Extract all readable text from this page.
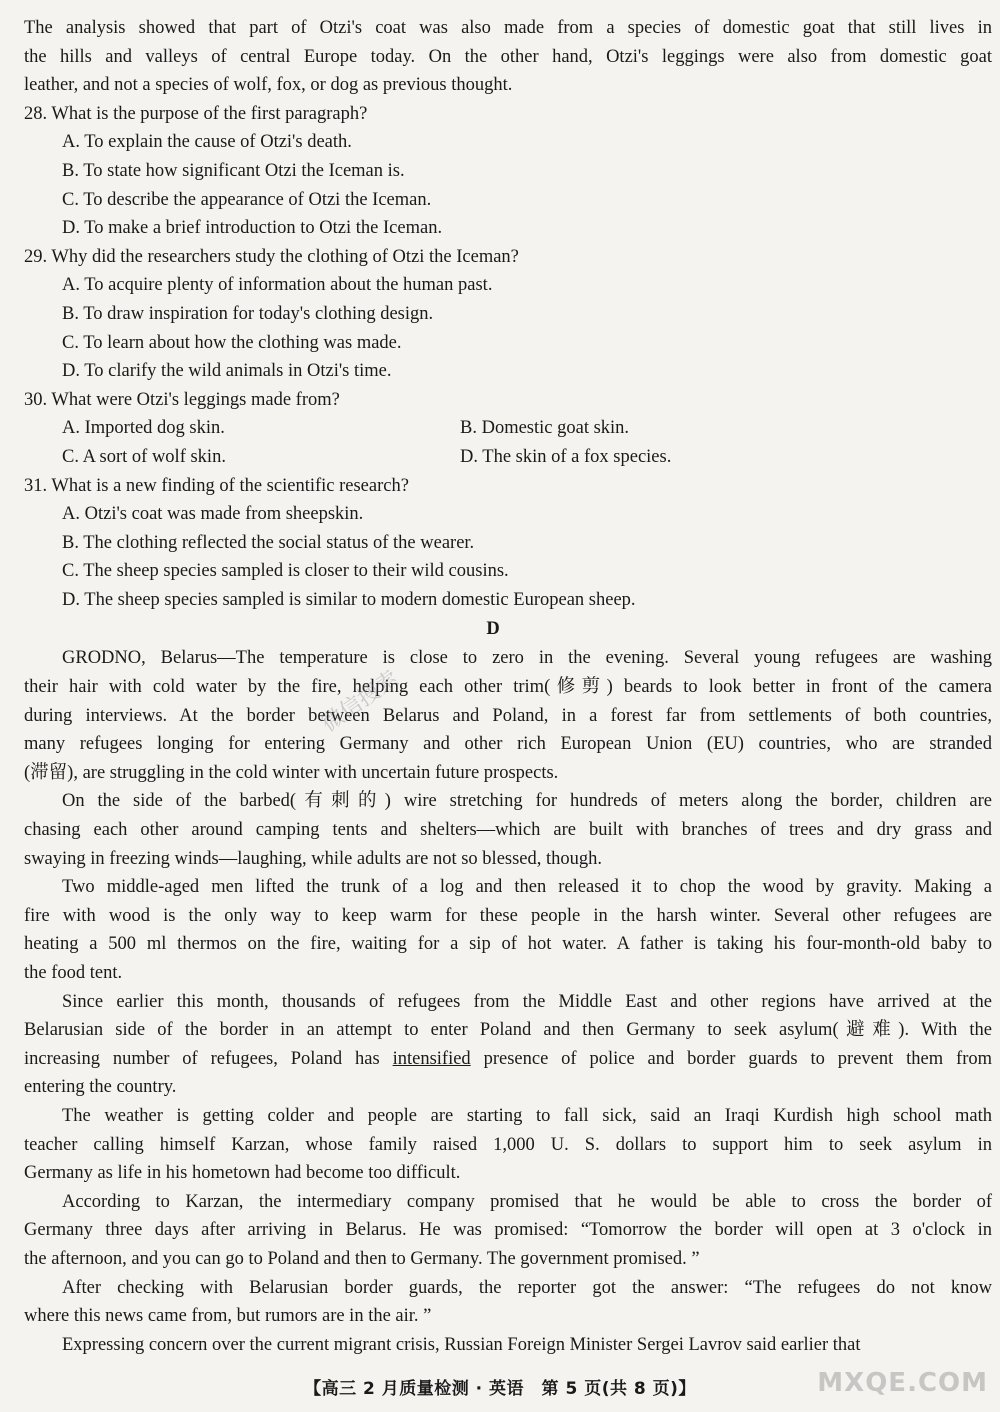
The analysis showed that part of Otzi's coat was also made from a species of domestic goat that still lives in
the hills and valleys of central Europe today. On the other hand, Otzi's leggings were also from domestic goat
leather, and not a species of wolf, fox, or dog as previous thought.
28. What is the purpose of the first paragraph?
A. To explain the cause of Otzi's death.
B. To state how significant Otzi the Iceman is.
C. To describe the appearance of Otzi the Iceman.
D. To make a brief introduction to Otzi the Iceman.
29. Why did the researchers study the clothing of Otzi the Iceman?
A. To acquire plenty of information about the human past.
B. To draw inspiration for today's clothing design.
C. To learn about how the clothing was made.
D. To clarify the wild animals in Otzi's time.
30. What were Otzi's leggings made from?
A. Imported dog skin.	B. Domestic goat skin.
C. A sort of wolf skin.	D. The skin of a fox species.
31. What is a new finding of the scientific research?
A. Otzi's coat was made from sheepskin.
B. The clothing reflected the social status of the wearer.
C. The sheep species sampled is closer to their wild cousins.
D. The sheep species sampled is similar to modern domestic European sheep.
D
GRODNO, Belarus—The temperature is close to zero in the evening. Several young refugees are washing
their hair with cold water by the fire, helping each other trim(修剪) beards to look better in front of the camera
during interviews. At the border between Belarus and Poland, in a forest far from settlements of both countries,
many refugees longing for entering Germany and other rich European Union (EU) countries, who are stranded
(滞留), are struggling in the cold winter with uncertain future prospects.
On the side of the barbed(有刺的) wire stretching for hundreds of meters along the border, children are
chasing each other around camping tents and shelters—which are built with branches of trees and dry grass and
swaying in freezing winds—laughing, while adults are not so blessed, though.
Two middle-aged men lifted the trunk of a log and then released it to chop the wood by gravity. Making a
fire with wood is the only way to keep warm for these people in the harsh winter. Several other refugees are
heating a 500 ml thermos on the fire, waiting for a sip of hot water. A father is taking his four-month-old baby to
the food tent.
Since earlier this month, thousands of refugees from the Middle East and other regions have arrived at the
Belarusian side of the border in an attempt to enter Poland and then Germany to seek asylum(避难). With the
increasing number of refugees, Poland has intensified presence of police and border guards to prevent them from
entering the country.
The weather is getting colder and people are starting to fall sick, said an Iraqi Kurdish high school math
teacher calling himself Karzan, whose family raised 1,000 U. S. dollars to support him to seek asylum in
Germany as life in his hometown had become too difficult.
According to Karzan, the intermediary company promised that he would be able to cross the border of
Germany three days after arriving in Belarus. He was promised: “Tomorrow the border will open at 3 o'clock in
the afternoon, and you can go to Poland and then to Germany. The government promised. ”
After checking with Belarusian border guards, the reporter got the answer: “The refugees do not know
where this news came from, but rumors are in the air. ”
Expressing concern over the current migrant crisis, Russian Foreign Minister Sergei Lavrov said earlier that
微信搜索
【高三 2 月质量检测 · 英语　第 5 页(共 8 页)】	MXQE.COM
